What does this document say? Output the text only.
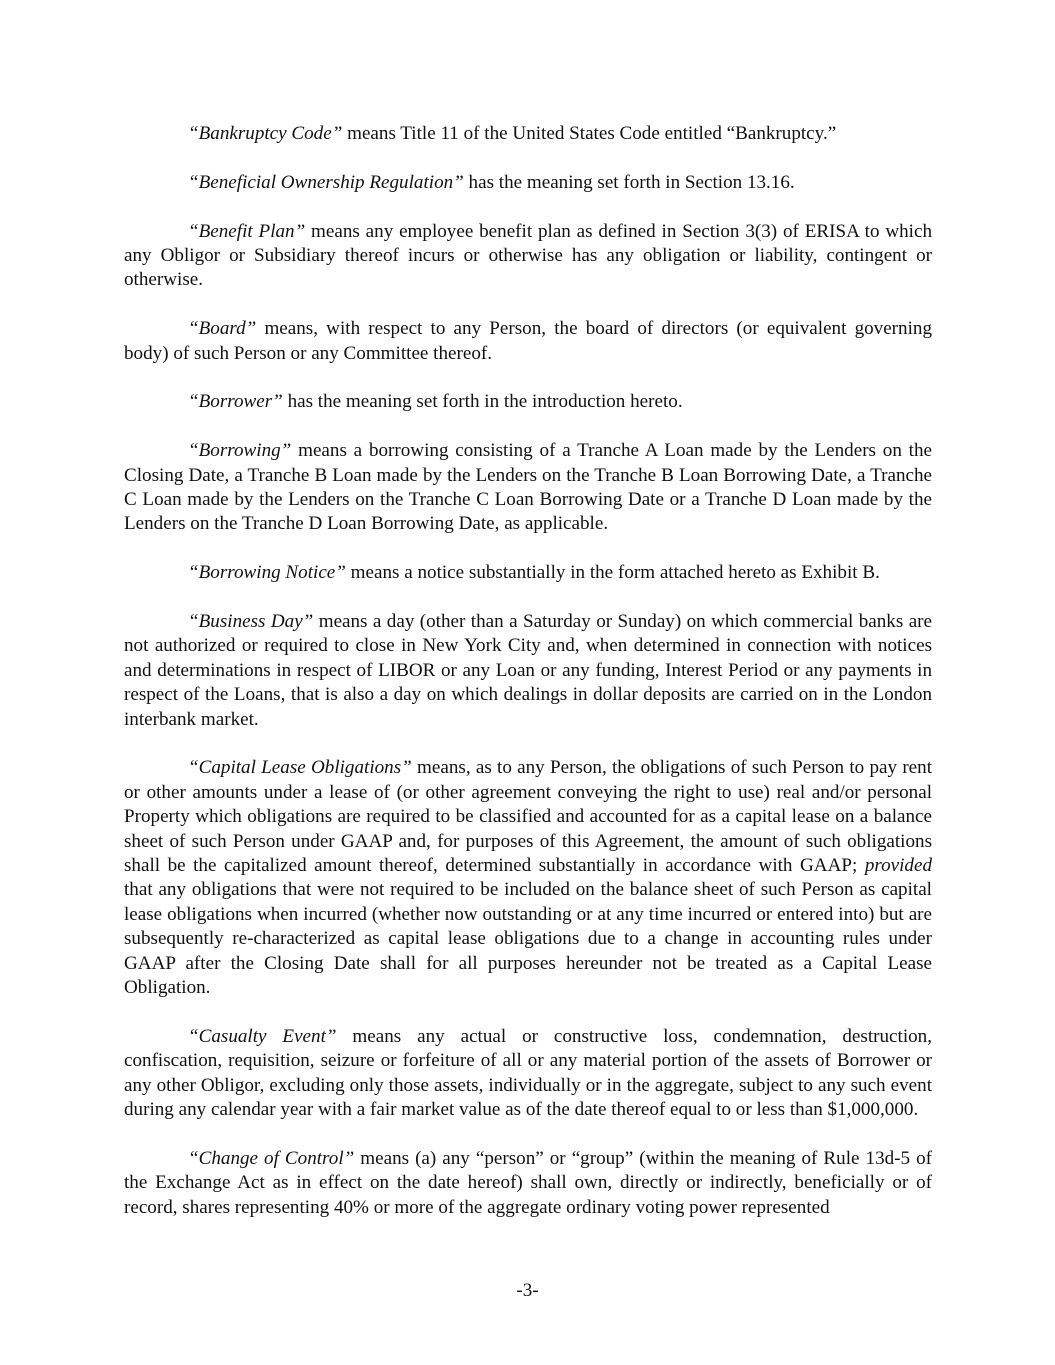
“Bankruptcy Code” means Title 11 of the United States Code entitled “Bankruptcy.”

“Beneficial Ownership Regulation” has the meaning set forth in Section 13.16.

“Benefit Plan” means any employee benefit plan as defined in Section 3(3) of ERISA to which any Obligor or Subsidiary thereof incurs or otherwise has any obligation or liability, contingent or otherwise.

“Board” means, with respect to any Person, the board of directors (or equivalent governing body) of such Person or any Committee thereof.

“Borrower” has the meaning set forth in the introduction hereto.

“Borrowing” means a borrowing consisting of a Tranche A Loan made by the Lenders on the Closing Date, a Tranche B Loan made by the Lenders on the Tranche B Loan Borrowing Date, a Tranche C Loan made by the Lenders on the Tranche C Loan Borrowing Date or a Tranche D Loan made by the Lenders on the Tranche D Loan Borrowing Date, as applicable.

“Borrowing Notice” means a notice substantially in the form attached hereto as Exhibit B.

“Business Day” means a day (other than a Saturday or Sunday) on which commercial banks are not authorized or required to close in New York City and, when determined in connection with notices and determinations in respect of LIBOR or any Loan or any funding, Interest Period or any payments in respect of the Loans, that is also a day on which dealings in dollar deposits are carried on in the London interbank market.

“Capital Lease Obligations” means, as to any Person, the obligations of such Person to pay rent or other amounts under a lease of (or other agreement conveying the right to use) real and/or personal Property which obligations are required to be classified and accounted for as a capital lease on a balance sheet of such Person under GAAP and, for purposes of this Agreement, the amount of such obligations shall be the capitalized amount thereof, determined substantially in accordance with GAAP; provided that any obligations that were not required to be included on the balance sheet of such Person as capital lease obligations when incurred (whether now outstanding or at any time incurred or entered into) but are subsequently re-characterized as capital lease obligations due to a change in accounting rules under GAAP after the Closing Date shall for all purposes hereunder not be treated as a Capital Lease Obligation.

“Casualty Event” means any actual or constructive loss, condemnation, destruction, confiscation, requisition, seizure or forfeiture of all or any material portion of the assets of Borrower or any other Obligor, excluding only those assets, individually or in the aggregate, subject to any such event during any calendar year with a fair market value as of the date thereof equal to or less than $1,000,000.

“Change of Control” means (a) any “person” or “group” (within the meaning of Rule 13d-5 of the Exchange Act as in effect on the date hereof) shall own, directly or indirectly, beneficially or of record, shares representing 40% or more of the aggregate ordinary voting power represented

-3-
